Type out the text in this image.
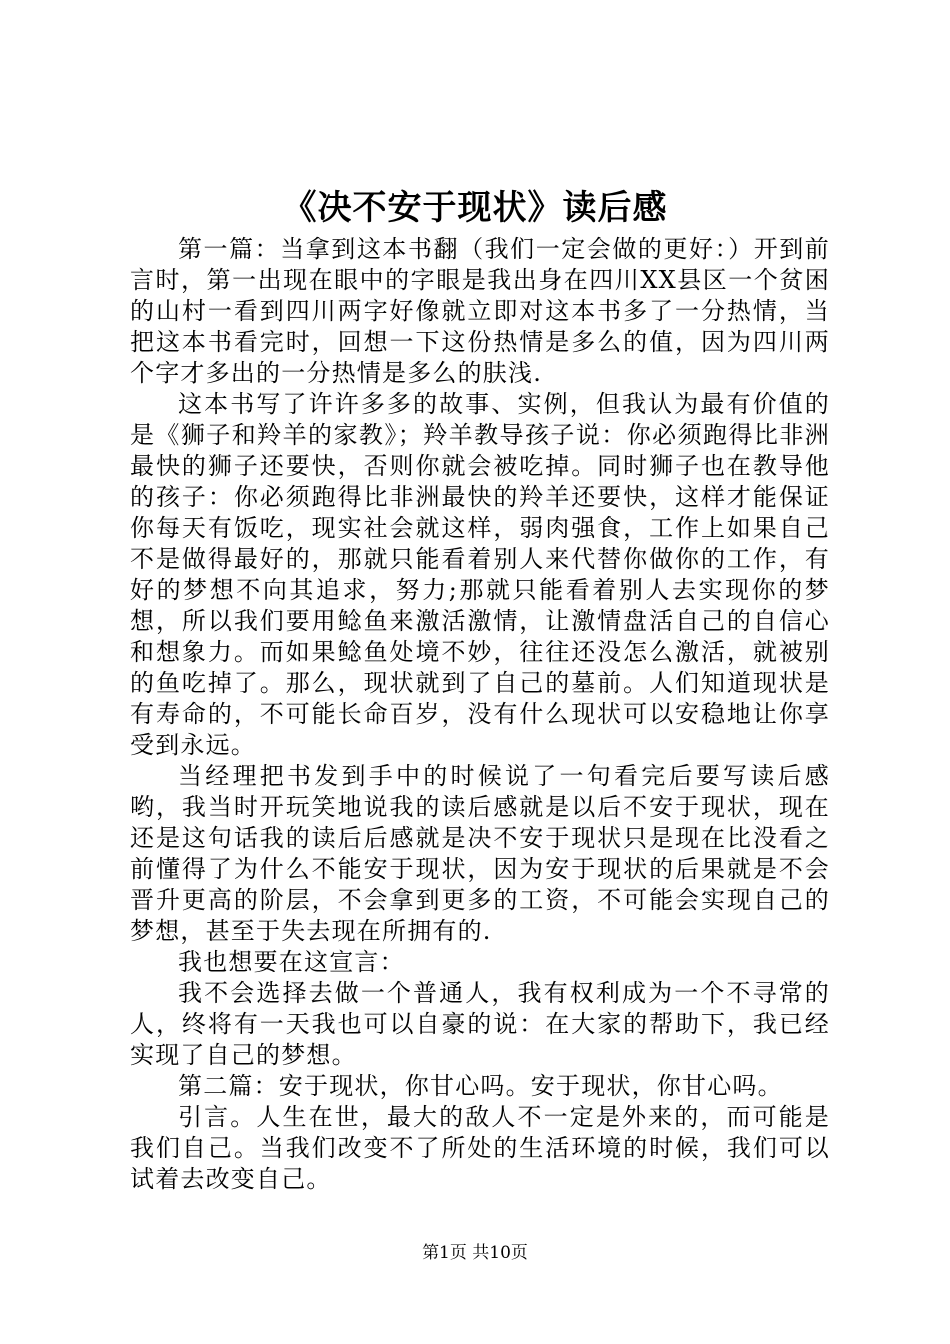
《决不安于现状》读后感

第一篇：当拿到这本书翻（我们一定会做的更好：）开到前言时，第一出现在眼中的字眼是我出身在四川XX县区一个贫困的山村一看到四川两字好像就立即对这本书多了一分热情，当把这本书看完时，回想一下这份热情是多么的值，因为四川两个字才多出的一分热情是多么的肤浅.

这本书写了许许多多的故事、实例，但我认为最有价值的是《狮子和羚羊的家教》；羚羊教导孩子说：你必须跑得比非洲最快的狮子还要快，否则你就会被吃掉。同时狮子也在教导他的孩子：你必须跑得比非洲最快的羚羊还要快，这样才能保证你每天有饭吃，现实社会就这样，弱肉强食，工作上如果自己不是做得最好的，那就只能看着别人来代替你做你的工作，有好的梦想不向其追求，努力;那就只能看着别人去实现你的梦想，所以我们要用鲶鱼来激活激情，让激情盘活自己的自信心和想象力。而如果鲶鱼处境不妙，往往还没怎么激活，就被别的鱼吃掉了。那么，现状就到了自己的墓前。人们知道现状是有寿命的，不可能长命百岁，没有什么现状可以安稳地让你享受到永远。

当经理把书发到手中的时候说了一句看完后要写读后感哟，我当时开玩笑地说我的读后感就是以后不安于现状，现在还是这句话我的读后后感就是决不安于现状只是现在比没看之前懂得了为什么不能安于现状，因为安于现状的后果就是不会晋升更高的阶层，不会拿到更多的工资，不可能会实现自己的梦想，甚至于失去现在所拥有的.

我也想要在这宣言：

我不会选择去做一个普通人，我有权利成为一个不寻常的人，终将有一天我也可以自豪的说：在大家的帮助下，我已经实现了自己的梦想。

第二篇：安于现状，你甘心吗。安于现状，你甘心吗。

引言。人生在世，最大的敌人不一定是外来的，而可能是我们自己。当我们改变不了所处的生活环境的时候，我们可以试着去改变自己。

第1页 共10页
